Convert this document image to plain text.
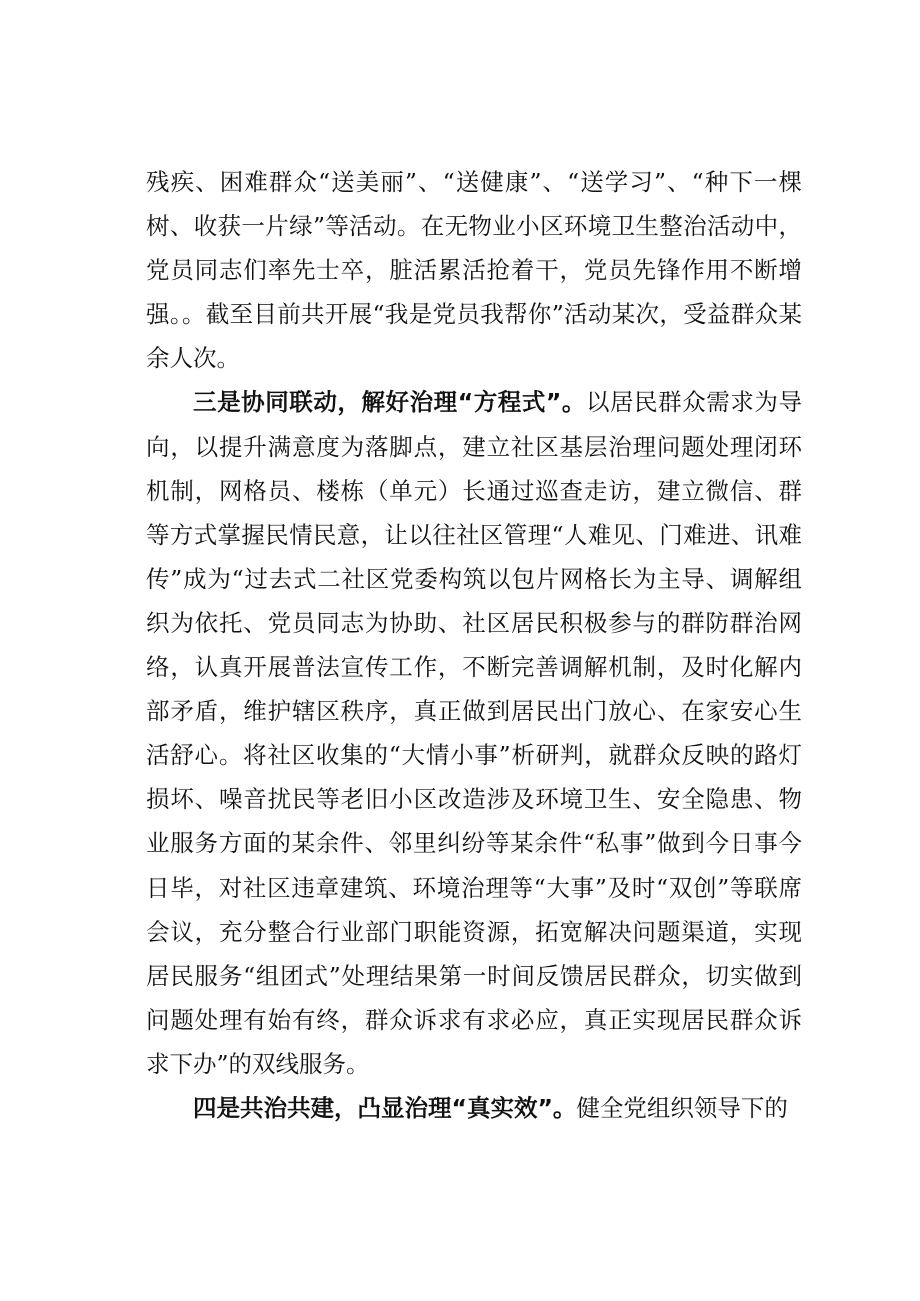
残疾、困难群众“送美丽”、“送健康”、“送学习”、“种下一棵树、收获一片绿”等活动。在无物业小区环境卫生整治活动中，党员同志们率先士卒，脏活累活抢着干，党员先锋作用不断增强。。截至目前共开展“我是党员我帮你”活动某次，受益群众某余人次。

三是协同联动，解好治理“方程式”。以居民群众需求为导向，以提升满意度为落脚点，建立社区基层治理问题处理闭环机制，网格员、楼栋（单元）长通过巡查走访，建立微信、群等方式掌握民情民意，让以往社区管理“人难见、门难进、讯难传”成为“过去式二社区党委构筑以包片网格长为主导、调解组织为依托、党员同志为协助、社区居民积极参与的群防群治网络，认真开展普法宣传工作，不断完善调解机制，及时化解内部矛盾，维护辖区秩序，真正做到居民出门放心、在家安心生活舒心。将社区收集的“大情小事”析研判，就群众反映的路灯损坏、噪音扰民等老旧小区改造涉及环境卫生、安全隐患、物业服务方面的某余件、邻里纠纷等某余件“私事”做到今日事今日毕，对社区违章建筑、环境治理等“大事”及时“双创”等联席会议，充分整合行业部门职能资源，拓宽解决问题渠道，实现居民服务“组团式”处理结果第一时间反馈居民群众，切实做到问题处理有始有终，群众诉求有求必应，真正实现居民群众诉求下办”的双线服务。

四是共治共建，凸显治理“真实效”。健全党组织领导下的
